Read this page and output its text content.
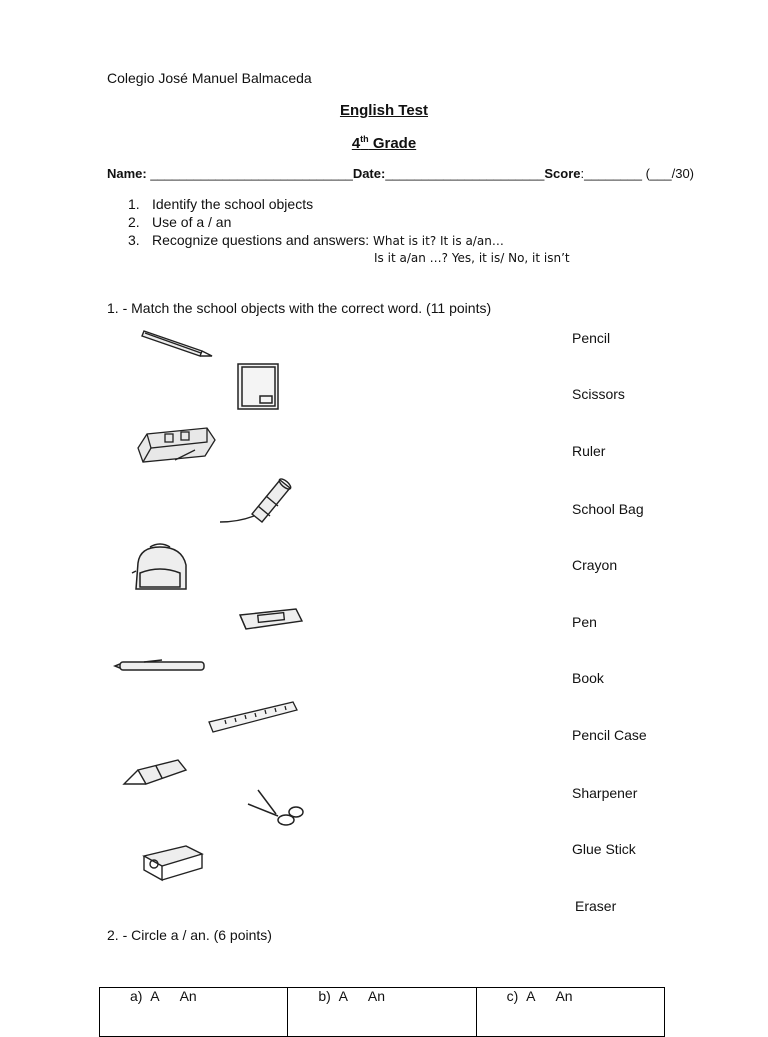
Colegio José Manuel Balmaceda
English Test
4th Grade
Name: ____________________________Date:______________________Score:________ (___/30)
1. Identify the school objects
2. Use of a / an
3. Recognize questions and answers: What is it? It is a/an…
Is it a/an …? Yes, it is/ No, it isn’t
1. - Match the school objects with the correct word. (11 points)
Pencil
Scissors
Ruler
School Bag
Crayon
Pen
Book
Pencil Case
Sharpener
Glue Stick
Eraser
2. - Circle a / an. (6 points)
a) A An	b) A An	c) A An
